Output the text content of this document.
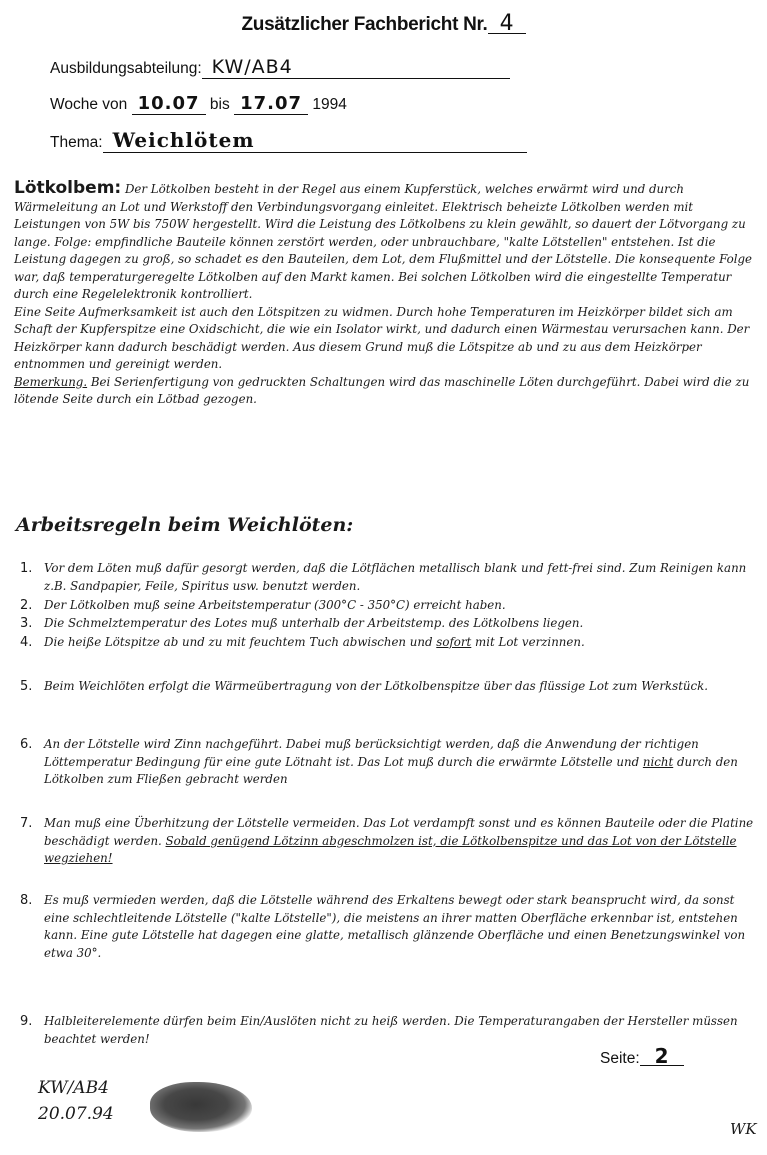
Zusätzlicher Fachbericht Nr. 4
Ausbildungsabteilung: KW/AB4
Woche von 10.07 bis 17.07 1994
Thema: Weichlötem
Lötkolbem: Der Lötkolben besteht in der Regel aus einem Kupferstück, welches erwärmt wird und durch Wärmeleitung an Lot und Werkstoff den Verbindungsvorgang einleitet. Elektrisch beheizte Lötkolben werden mit Leistungen von 5W bis 750W hergestellt. Wird die Leistung des Lötkolbens zu klein gewählt, so dauert der Lötvorgang zu lange. Folge: empfindliche Bauteile können zerstört werden, oder unbrauchbare, "kalte Lötstellen" entstehen. Ist die Leistung dagegen zu groß, so schadet es den Bauteilen, dem Lot, dem Flußmittel und der Lötstelle. Die konsequente Folge war, daß temperaturgeregelte Lötkolben auf den Markt kamen. Bei solchen Lötkolben wird die eingestellte Temperatur durch eine Regelelektronik kontrolliert.
Eine Seite Aufmerksamkeit ist auch den Lötspitzen zu widmen. Durch hohe Temperaturen im Heizkörper bildet sich am Schaft der Kupferspitze eine Oxidschicht, die wie ein Isolator wirkt, und dadurch einen Wärmestau verursachen kann. Der Heizkörper kann dadurch beschädigt werden. Aus diesem Grund muß die Lötspitze ab und zu aus dem Heizkörper entnommen und gereinigt werden.
Bemerkung. Bei Serienfertigung von gedruckten Schaltungen wird das maschinelle Löten durchgeführt. Dabei wird die zu lötende Seite durch ein Lötbad gezogen.
Arbeitsregeln beim Weichlöten:
1. Vor dem Löten muß dafür gesorgt werden, daß die Lötflächen metallisch blank und fett-frei sind. Zum Reinigen kann z.B. Sandpapier, Feile, Spiritus usw. benutzt werden.
2. Der Lötkolben muß seine Arbeitstemperatur (300°C - 350°C) erreicht haben.
3. Die Schmelztemperatur des Lotes muß unterhalb der Arbeitstemp. des Lötkolbens liegen.
4. Die heiße Lötspitze ab und zu mit feuchtem Tuch abwischen und sofort mit Lot verzinnen.
5. Beim Weichlöten erfolgt die Wärmeübertragung von der Lötkolbenspitze über das flüssige Lot zum Werkstück.
6. An der Lötstelle wird Zinn nachgeführt. Dabei muß berücksichtigt werden, daß die Anwendung der richtigen Löttemperatur Bedingung für eine gute Lötnaht ist. Das Lot muß durch die erwärmte Lötstelle und nicht durch den Lötkolben zum Fließen gebracht werden
7. Man muß eine Überhitzung der Lötstelle vermeiden. Das Lot verdampft sonst und es können Bauteile oder die Platine beschädigt werden. Sobald genügend Lötzinn abgeschmolzen ist, die Lötkolbenspitze und das Lot von der Lötstelle wegziehen!
8. Es muß vermieden werden, daß die Lötstelle während des Erkaltens bewegt oder stark beansprucht wird, da sonst eine schlechtleitende Lötstelle ("kalte Lötstelle"), die meistens an ihrer matten Oberfläche erkennbar ist, entstehen kann. Eine gute Lötstelle hat dagegen eine glatte, metallisch glänzende Oberfläche und einen Benetzungswinkel von etwa 30°.
9. Halbleiterelemente dürfen beim Ein/Auslöten nicht zu heiß werden. Die Temperaturangaben der Hersteller müssen beachtet werden!
Seite: 2
KW/AB4
20.07.94
WK
